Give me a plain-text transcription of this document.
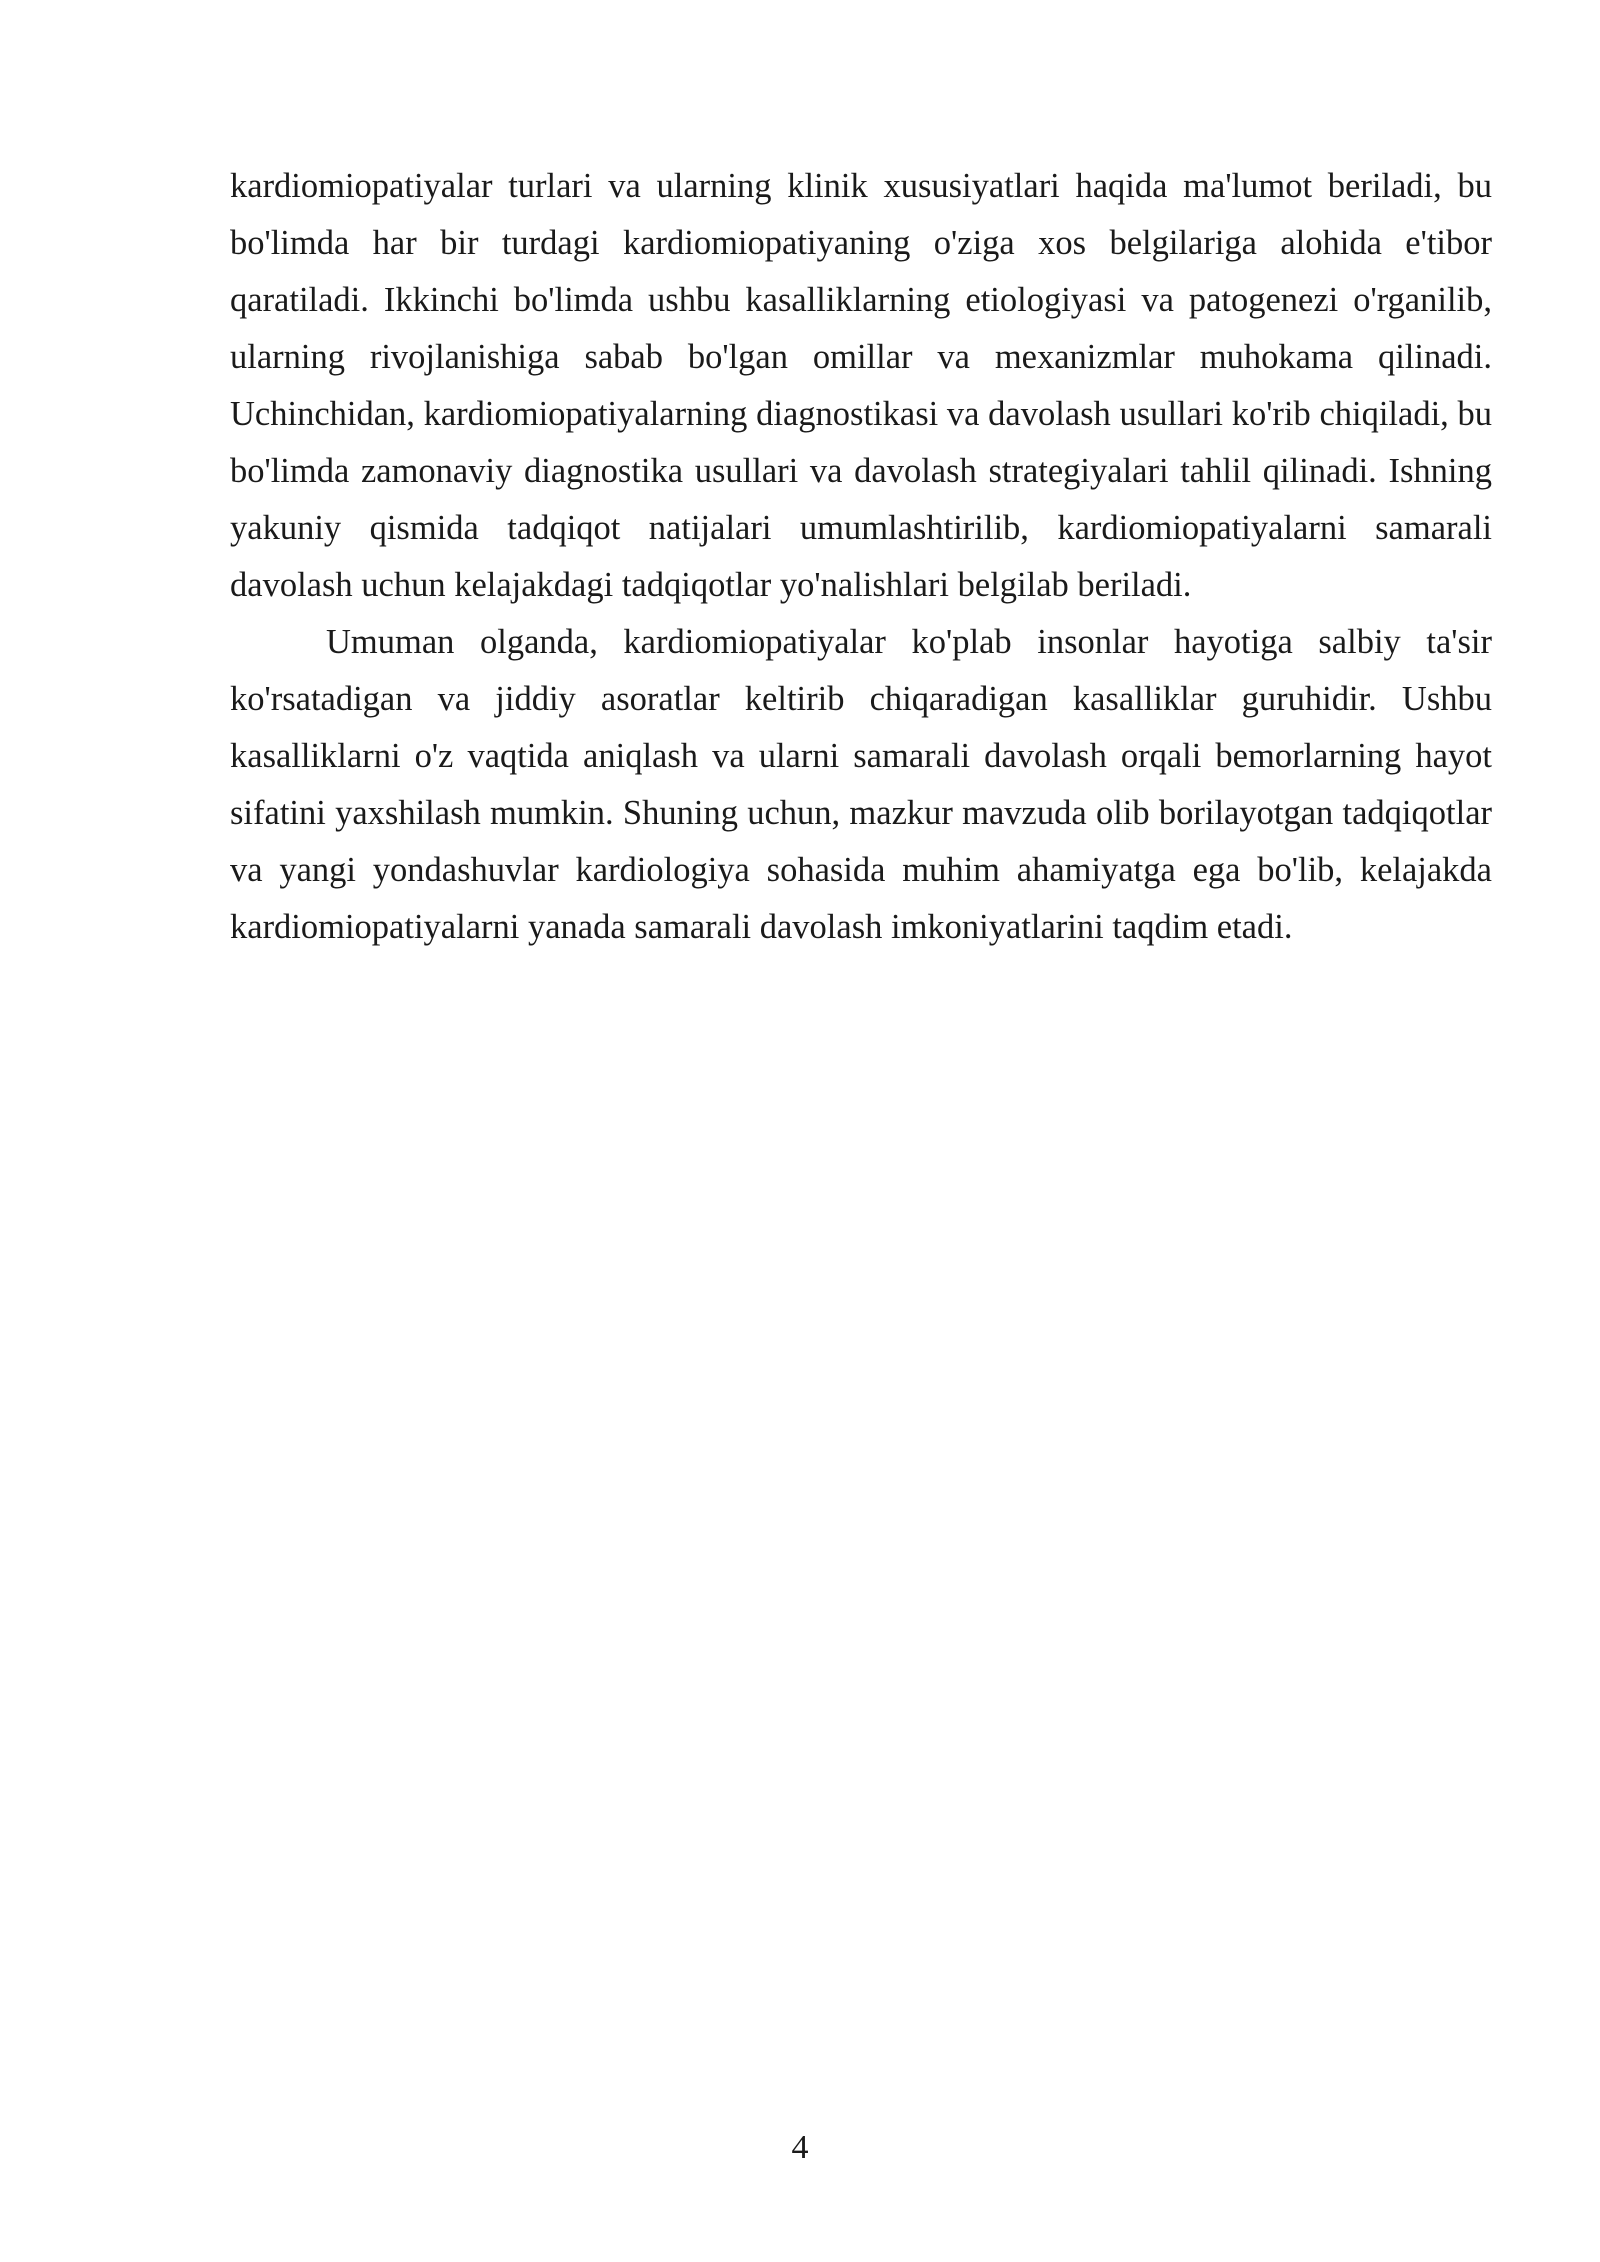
kardiomiopatiyalar turlari va ularning klinik xususiyatlari haqida ma'lumot beriladi, bu bo'limda har bir turdagi kardiomiopatiyaning o'ziga xos belgilariga alohida e'tibor qaratiladi. Ikkinchi bo'limda ushbu kasalliklarning etiologiyasi va patogenezi o'rganilib, ularning rivojlanishiga sabab bo'lgan omillar va mexanizmlar muhokama qilinadi. Uchinchidan, kardiomiopatiyalarning diagnostikasi va davolash usullari ko'rib chiqiladi, bu bo'limda zamonaviy diagnostika usullari va davolash strategiyalari tahlil qilinadi. Ishning yakuniy qismida tadqiqot natijalari umumlashtirilib, kardiomiopatiyalarni samarali davolash uchun kelajakdagi tadqiqotlar yo'nalishlari belgilab beriladi.

Umuman olganda, kardiomiopatiyalar ko'plab insonlar hayotiga salbiy ta'sir ko'rsatadigan va jiddiy asoratlar keltirib chiqaradigan kasalliklar guruhidir. Ushbu kasalliklarni o'z vaqtida aniqlash va ularni samarali davolash orqali bemorlarning hayot sifatini yaxshilash mumkin. Shuning uchun, mazkur mavzuda olib borilayotgan tadqiqotlar va yangi yondashuvlar kardiologiya sohasida muhim ahamiyatga ega bo'lib, kelajakda kardiomiopatiyalarni yanada samarali davolash imkoniyatlarini taqdim etadi.

4
